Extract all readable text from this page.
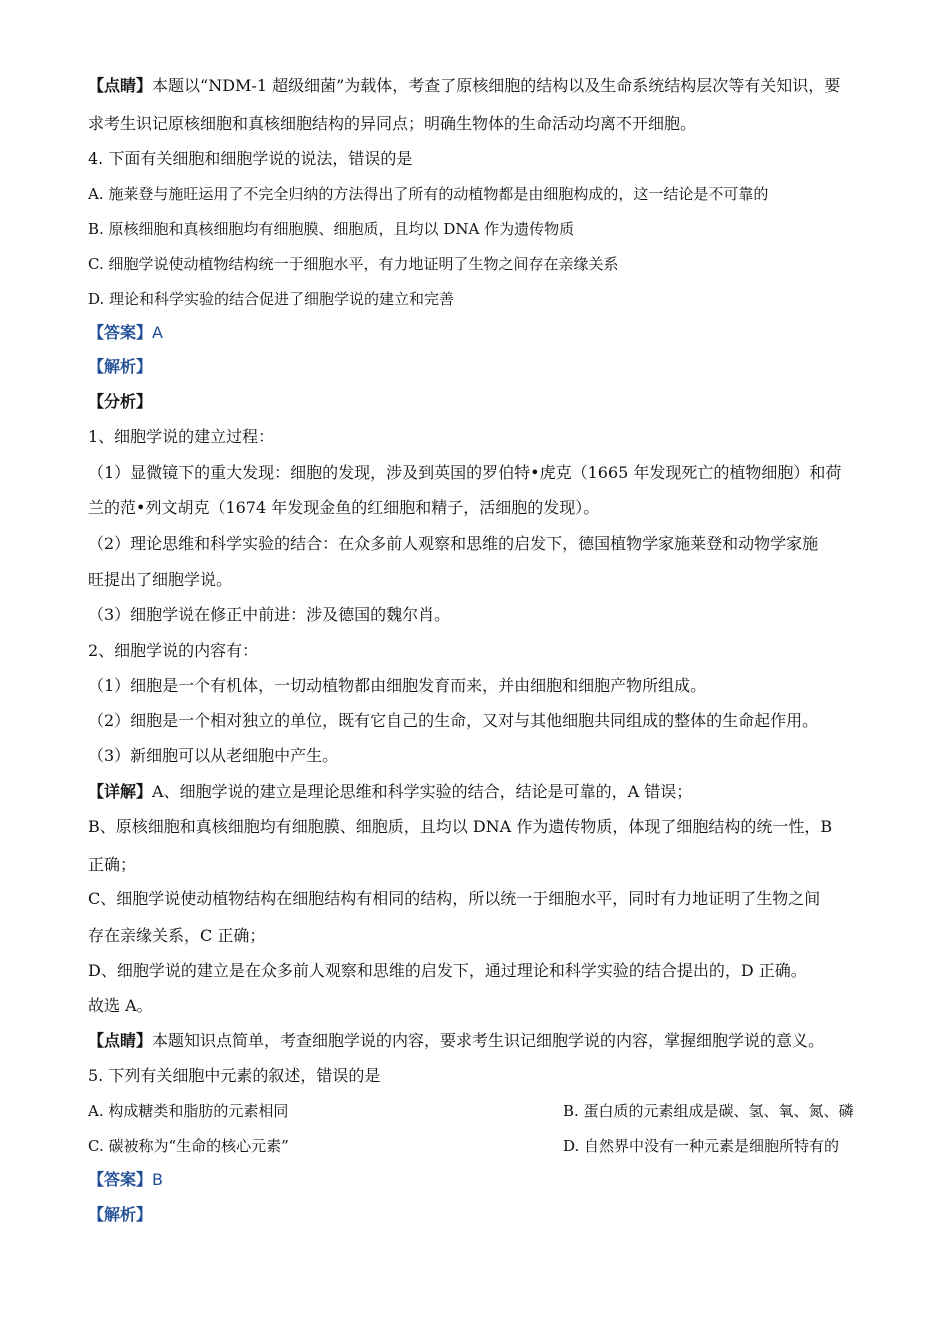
【点睛】本题以“NDM-1 超级细菌”为载体，考查了原核细胞的结构以及生命系统结构层次等有关知识，要
求考生识记原核细胞和真核细胞结构的异同点；明确生物体的生命活动均离不开细胞。
4. 下面有关细胞和细胞学说的说法，错误的是
A. 施莱登与施旺运用了不完全归纳的方法得出了所有的动植物都是由细胞构成的，这一结论是不可靠的
B. 原核细胞和真核细胞均有细胞膜、细胞质，且均以 DNA 作为遗传物质
C. 细胞学说使动植物结构统一于细胞水平，有力地证明了生物之间存在亲缘关系
D. 理论和科学实验的结合促进了细胞学说的建立和完善
【答案】A
【解析】
【分析】
1、细胞学说的建立过程：
（1）显微镜下的重大发现：细胞的发现，涉及到英国的罗伯特•虎克（1665 年发现死亡的植物细胞）和荷
兰的范•列文胡克（1674 年发现金鱼的红细胞和精子，活细胞的发现）。
（2）理论思维和科学实验的结合：在众多前人观察和思维的启发下，德国植物学家施莱登和动物学家施
旺提出了细胞学说。
（3）细胞学说在修正中前进：涉及德国的魏尔肖。
2、细胞学说的内容有：
（1）细胞是一个有机体，一切动植物都由细胞发育而来，并由细胞和细胞产物所组成。
（2）细胞是一个相对独立的单位，既有它自己的生命，又对与其他细胞共同组成的整体的生命起作用。
（3）新细胞可以从老细胞中产生。
【详解】A、细胞学说的建立是理论思维和科学实验的结合，结论是可靠的，A 错误；
B、原核细胞和真核细胞均有细胞膜、细胞质，且均以 DNA 作为遗传物质，体现了细胞结构的统一性，B
正确；
C、细胞学说使动植物结构在细胞结构有相同的结构，所以统一于细胞水平，同时有力地证明了生物之间
存在亲缘关系，C 正确；
D、细胞学说的建立是在众多前人观察和思维的启发下，通过理论和科学实验的结合提出的，D 正确。
故选 A。
【点睛】本题知识点简单，考查细胞学说的内容，要求考生识记细胞学说的内容，掌握细胞学说的意义。
5. 下列有关细胞中元素的叙述，错误的是
A. 构成糖类和脂肪的元素相同	B. 蛋白质的元素组成是碳、氢、氧、氮、磷
C. 碳被称为“生命的核心元素”	D. 自然界中没有一种元素是细胞所特有的
【答案】B
【解析】
